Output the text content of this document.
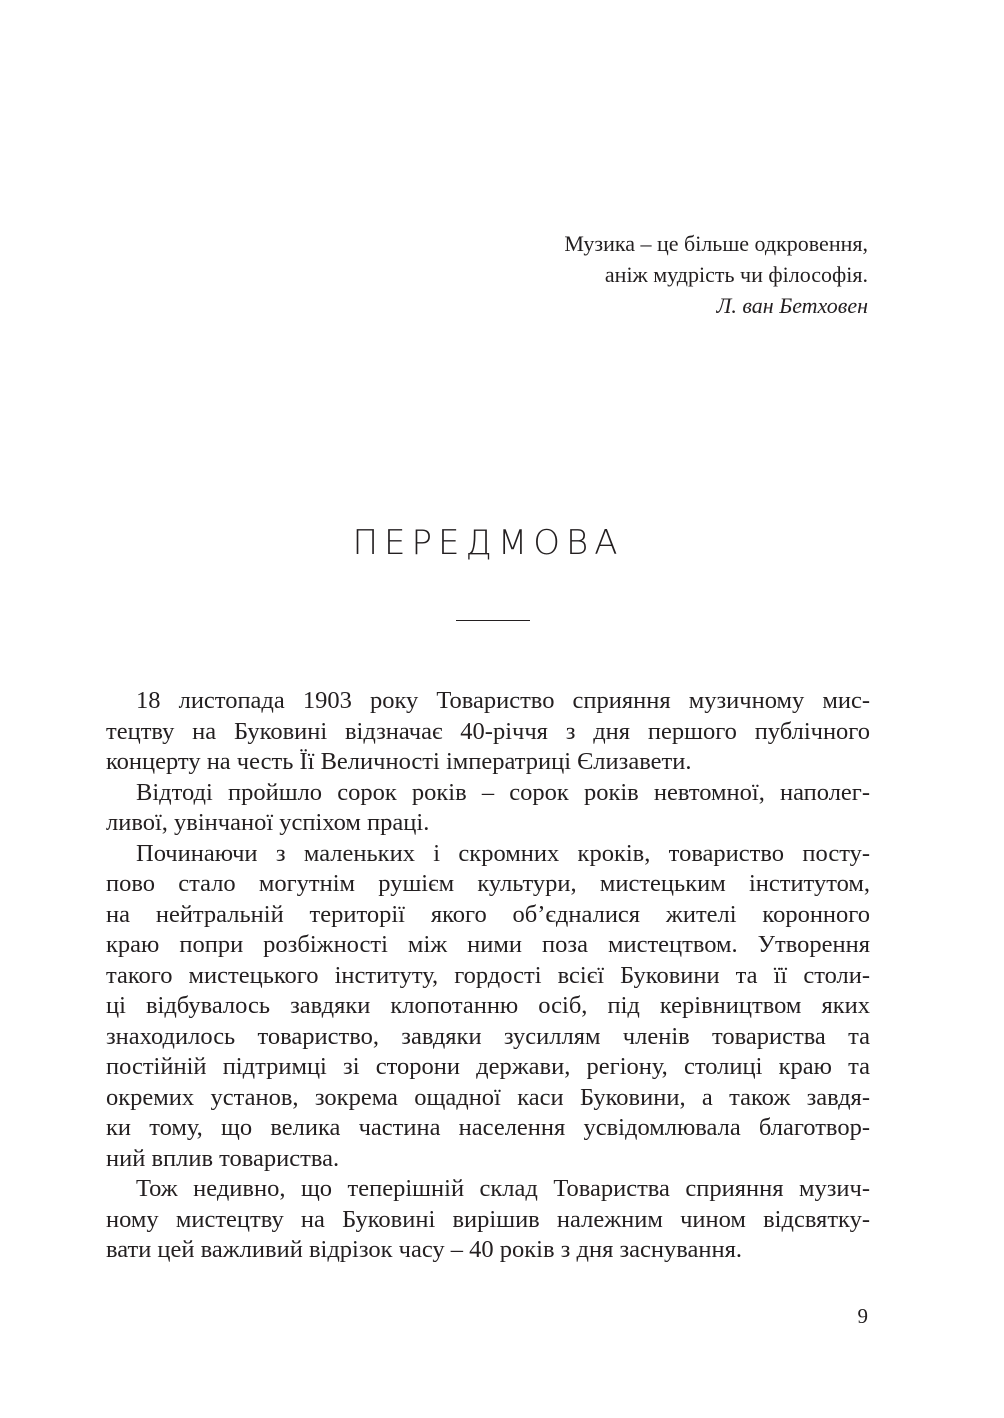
Музика – це більше одкровення,
аніж мудрість чи філософія.
Л. ван Бетховен
ПЕРЕДМОВА

18 листопада 1903 року Товариство сприяння музичному мис-
тецтву на Буковині відзначає 40-річчя з дня першого публічного
концерту на честь Її Величності імператриці Єлизавети.

Відтоді пройшло сорок років – сорок років невтомної, наполег-
ливої, увінчаної успіхом праці.

Починаючи з маленьких і скромних кроків, товариство посту-
пово стало могутнім рушієм культури, мистецьким інститутом,
на нейтральній території якого об’єдналися жителі коронного
краю попри розбіжності між ними поза мистецтвом. Утворення
такого мистецького інституту, гордості всієї Буковини та її столи-
ці відбувалось завдяки клопотанню осіб, під керівництвом яких
знаходилось товариство, завдяки зусиллям членів товариства та
постійній підтримці зі сторони держави, регіону, столиці краю та
окремих установ, зокрема ощадної каси Буковини, а також завдя-
ки тому, що велика частина населення усвідомлювала благотвор-
ний вплив товариства.

Тож недивно, що теперішній склад Товариства сприяння музич-
ному мистецтву на Буковині вирішив належним чином відсвятку-
вати цей важливий відрізок часу – 40 років з дня заснування.

9
